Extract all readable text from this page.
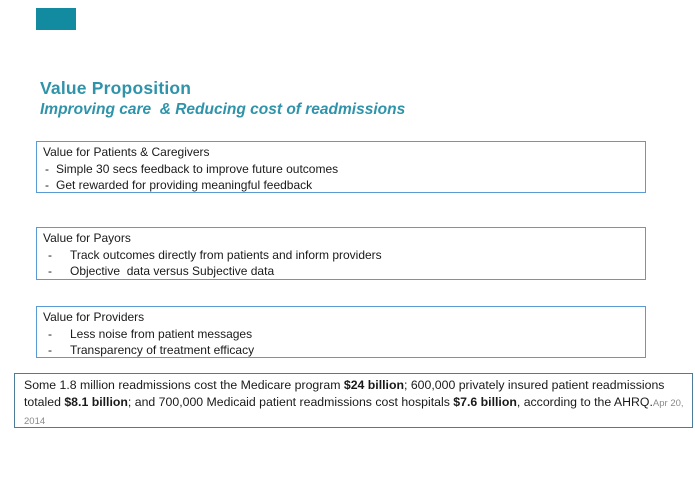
Value Proposition
Improving care  & Reducing cost of readmissions
Value for Patients & Caregivers
- Simple 30 secs feedback to improve future outcomes
- Get rewarded for providing meaningful feedback
Value for Payors
-	Track outcomes directly from patients and inform providers
-	Objective  data versus Subjective data
Value for Providers
-	Less noise from patient messages
-	Transparency of treatment efficacy
Some 1.8 million readmissions cost the Medicare program $24 billion; 600,000 privately insured patient readmissions totaled $8.1 billion; and 700,000 Medicaid patient readmissions cost hospitals $7.6 billion, according to the AHRQ.Apr 20, 2014
